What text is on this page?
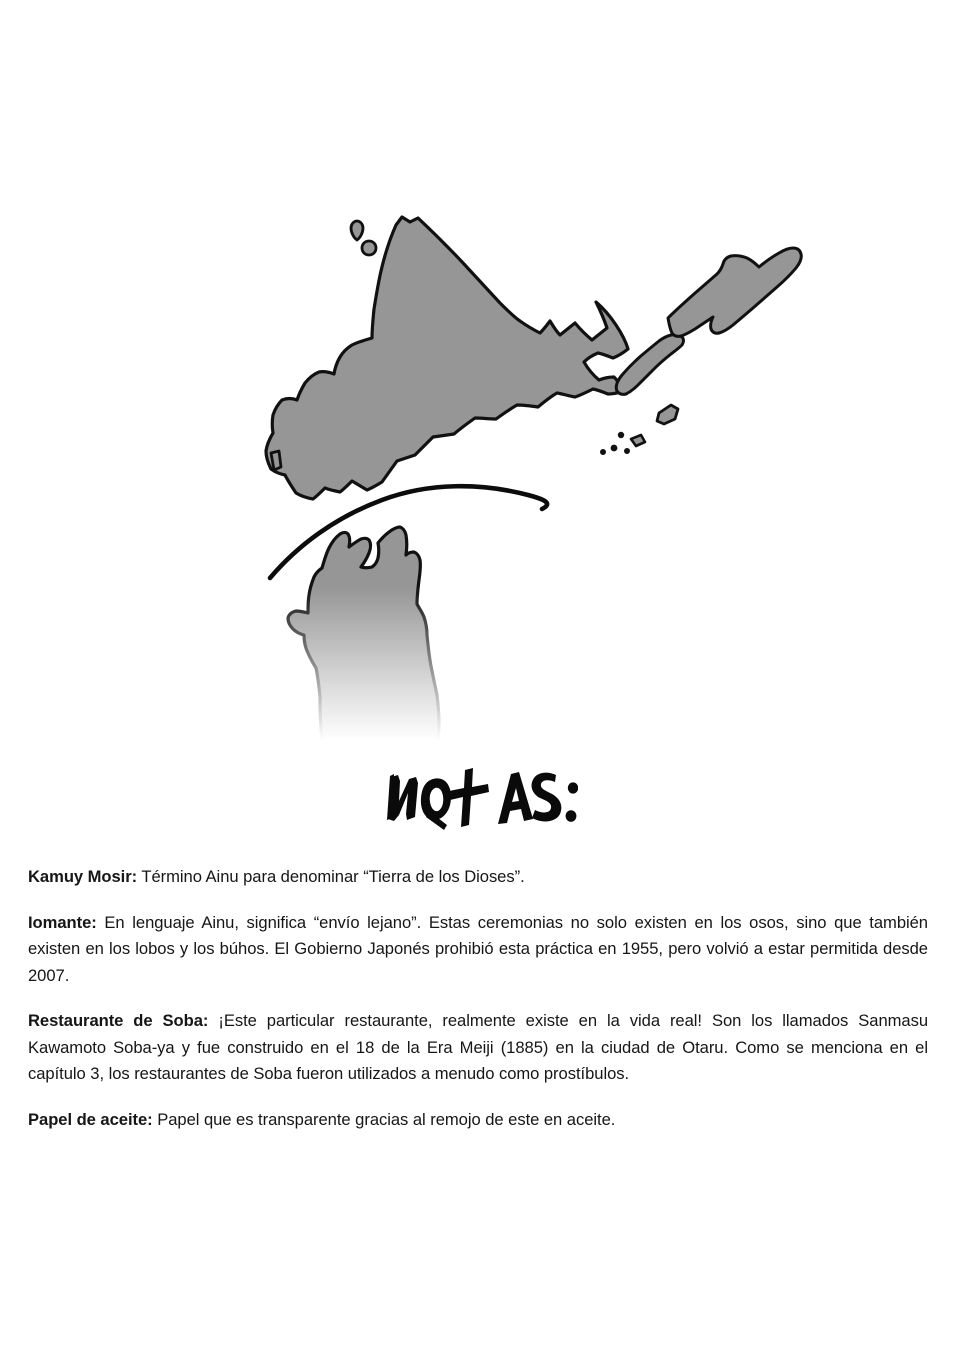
Kamuy Mosir: Término Ainu para denominar “Tierra de los Dioses”.

Iomante: En lenguaje Ainu, significa “envío lejano”. Estas ceremonias no solo existen en los osos, sino que también existen en los lobos y los búhos. El Gobierno Japonés prohibió esta práctica en 1955, pero volvió a estar permitida desde 2007.

Restaurante de Soba: ¡Este particular restaurante, realmente existe en la vida real! Son los llamados Sanmasu Kawamoto Soba-ya y fue construido en el 18 de la Era Meiji (1885) en la ciudad de Otaru. Como se menciona en el capítulo 3, los restaurantes de Soba fueron utilizados a menudo como prostíbulos.

Papel de aceite: Papel que es transparente gracias al remojo de este en aceite.
